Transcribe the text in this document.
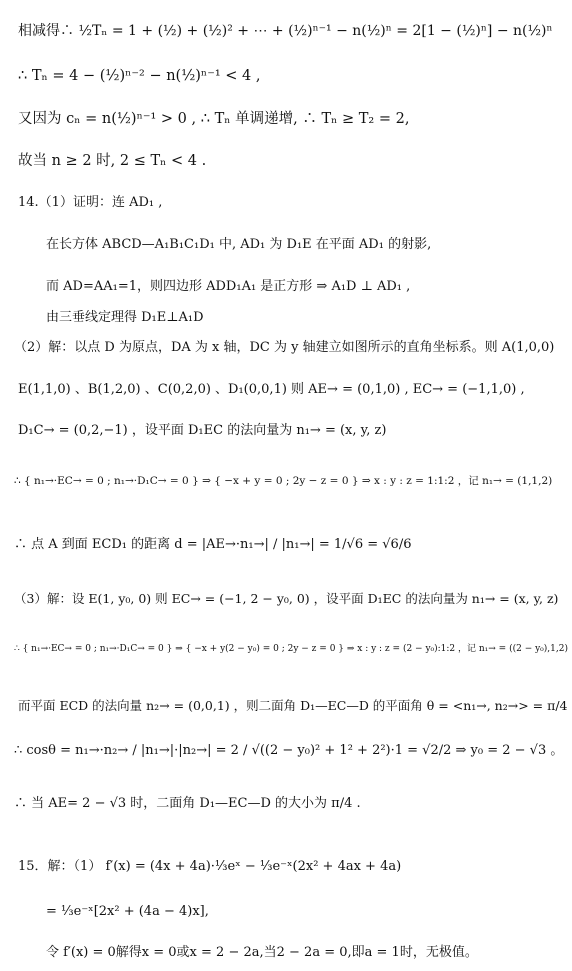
相减得∴ ½Tₙ = 1 + (½) + (½)² + ⋯ + (½)ⁿ⁻¹ − n(½)ⁿ = 2[1 − (½)ⁿ] − n(½)ⁿ
∴ Tₙ = 4 − (½)ⁿ⁻² − n(½)ⁿ⁻¹ < 4 ,
又因为 cₙ = n(½)ⁿ⁻¹ > 0 , ∴ Tₙ 单调递增, ∴ Tₙ ≥ T₂ = 2,
故当 n ≥ 2 时, 2 ≤ Tₙ < 4 .
14.（1）证明：连 AD₁ ,
在长方体 ABCD—A₁B₁C₁D₁ 中, AD₁ 为 D₁E 在平面 AD₁ 的射影,
而 AD=AA₁=1，则四边形 ADD₁A₁ 是正方形 ⇒ A₁D ⊥ AD₁ ,
由三垂线定理得 D₁E⊥A₁D
（2）解：以点 D 为原点，DA 为 x 轴，DC 为 y 轴建立如图所示的直角坐标系。则 A(1,0,0)
E(1,1,0) 、B(1,2,0) 、C(0,2,0) 、D₁(0,0,1) 则 AE→ = (0,1,0) , EC→ = (−1,1,0) ,
D₁C→ = (0,2,−1) ，设平面 D₁EC 的法向量为 n₁→ = (x, y, z)
∴ { n₁→·EC→ = 0 ; n₁→·D₁C→ = 0 } ⇒ { −x + y = 0 ; 2y − z = 0 } ⇒ x : y : z = 1:1:2 ，记 n₁→ = (1,1,2)
∴ 点 A 到面 ECD₁ 的距离 d = |AE→·n₁→| / |n₁→| = 1/√6 = √6/6
（3）解：设 E(1, y₀, 0) 则 EC→ = (−1, 2 − y₀, 0) ，设平面 D₁EC 的法向量为 n₁→ = (x, y, z)
∴ { n₁→·EC→ = 0 ; n₁→·D₁C→ = 0 } ⇒ { −x + y(2 − y₀) = 0 ; 2y − z = 0 } ⇒ x : y : z = (2 − y₀):1:2 ，记 n₁→ = ((2 − y₀),1,2)
而平面 ECD 的法向量 n₂→ = (0,0,1) ，则二面角 D₁—EC—D 的平面角 θ = <n₁→, n₂→> = π/4
∴ cosθ = n₁→·n₂→ / |n₁→|·|n₂→| = 2 / √((2 − y₀)² + 1² + 2²)·1 = √2/2 ⇒ y₀ = 2 − √3 。
∴ 当 AE= 2 − √3 时，二面角 D₁—EC—D 的大小为 π/4 .
15．解：（1） f′(x) = (4x + 4a)·⅓eˣ − ⅓e⁻ˣ(2x² + 4ax + 4a)
= ⅓e⁻ˣ[2x² + (4a − 4)x],
令 f′(x) = 0解得x = 0或x = 2 − 2a,当2 − 2a = 0,即a = 1时，无极值。
